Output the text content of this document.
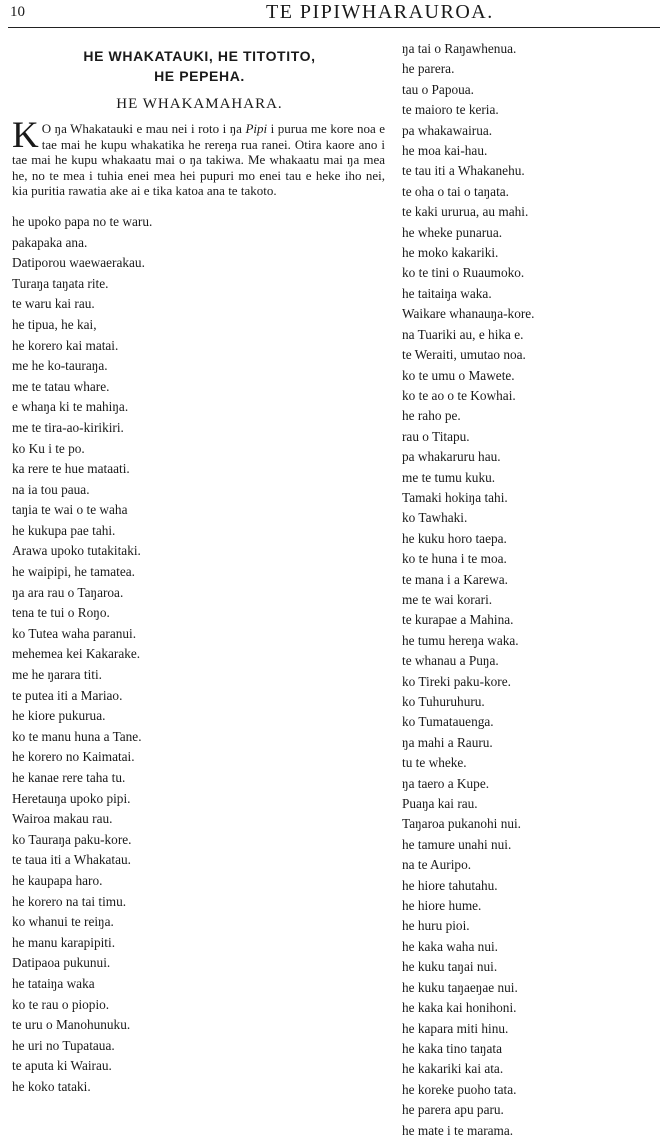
10	TE PIPIWHARAUROA.
HE WHAKATAUKI, HE TITOTITO,
HE PEPEHA.
HE WHAKAMAHARA.

K O ŋa Whakatauki e mau nei i roto i ŋa Pipi i purua me kore noa e tae mai he kupu whakatika he rereŋa rua ranei. Otira kaore ano i tae mai he kupu whakaatu mai o ŋa takiwa. Me whakaatu mai ŋa mea he, no te mea i tuhia enei mea hei pupuri mo enei tau e heke iho nei, kia puritia rawatia ake ai e tika katoa ana te takoto.

he upoko papa no te waru.
pakapaka ana.
Datiporou waewaerakau.
Turaŋa taŋata rite.
te waru kai rau.
he tipua, he kai,
he korero kai matai.
me he ko-tauraŋa.
me te tatau whare.
e whaŋa ki te mahiŋa.
me te tira-ao-kirikiri.
ko Ku i te po.
ka rere te hue mataati.
na ia tou paua.
taŋia te wai o te waha
he kukupa pae tahi.
Arawa upoko tutakitaki.
he waipipi, he tamatea.
ŋa ara rau o Taŋaroa.
tena te tui o Roŋo.
ko Tutea waha paranui.
mehemea kei Kakarake.
me he ŋarara titi.
te putea iti a Mariao.
he kiore pukurua.
ko te manu huna a Tane.
he korero no Kaimatai.
he kanae rere taha tu.
Heretauŋa upoko pipi.
Wairoa makau rau.
ko Tauraŋa paku-kore.
te taua iti a Whakatau.
he kaupapa haro.
he korero na tai timu.
ko whanui te reiŋa.
he manu karapipiti.
Datipaoa pukunui.
he tataiŋa waka
ko te rau o piopio.
te uru o Manohunuku.
he uri no Tupataua.
te aputa ki Wairau.
he koko tataki.
ŋa tai o Raŋawhenua.
he parera.
tau o Papoua.
te maioro te keria.
pa whakawairua.
he moa kai-hau.
te tau iti a Whakanehu.
te oha o tai o taŋata.
te kaki ururua, au mahi.
he wheke punarua.
he moko kakariki.
ko te tini o Ruaumoko.
he taitaiŋa waka.
Waikare whanauŋa-kore.
na Tuariki au, e hika e.
te Weraiti, umutao noa.
ko te umu o Mawete.
ko te ao o te Kowhai.
he raho pe.
rau o Titapu.
pa whakaruru hau.
me te tumu kuku.
Tamaki hokiŋa tahi.
ko Tawhaki.
he kuku horo taepa.
ko te huna i te moa.
te mana i a Karewa.
me te wai korari.
te kurapae a Mahina.
he tumu hereŋa waka.
te whanau a Puŋa.
ko Tireki paku-kore.
ko Tuhuruhuru.
ko Tumatauenga.
ŋa mahi a Rauru.
tu te wheke.
ŋa taero a Kupe.
Puaŋa kai rau.
Taŋaroa pukanohi nui.
he tamure unahi nui.
na te Auripo.
he hiore tahutahu.
he hiore hume.
he huru pioi.
he kaka waha nui.
he kuku taŋai nui.
he kuku taŋaeŋae nui.
he kaka kai honihoni.
he kapara miti hinu.
he kaka tino taŋata
he kakariki kai ata.
he koreke puoho tata.
he parera apu paru.
he mate i te marama.
